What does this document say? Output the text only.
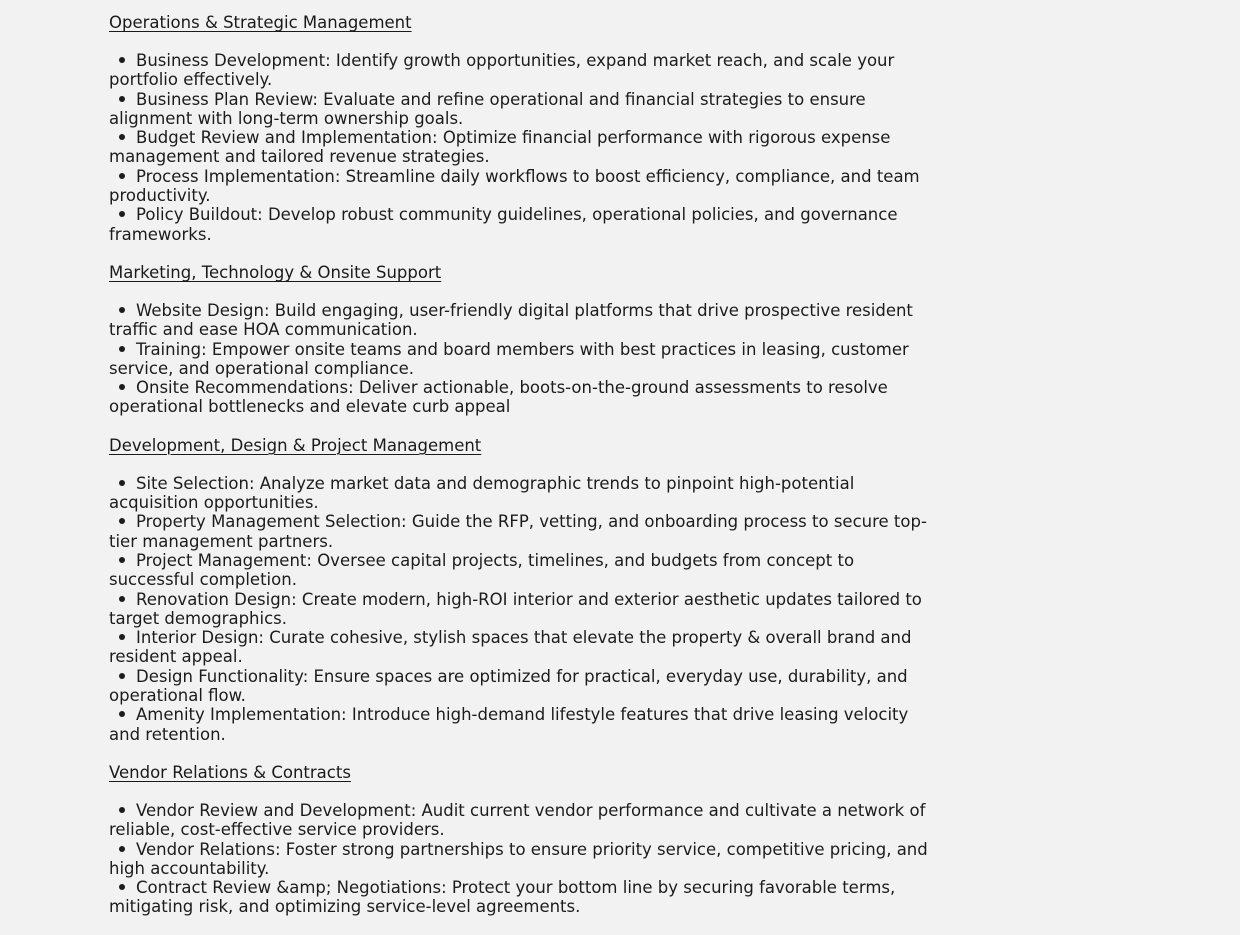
Operations & Strategic Management

Business Development: Identify growth opportunities, expand market reach, and scale your portfolio effectively.

Business Plan Review: Evaluate and refine operational and financial strategies to ensure alignment with long-term ownership goals.

Budget Review and Implementation: Optimize financial performance with rigorous expense management and tailored revenue strategies.

Process Implementation: Streamline daily workflows to boost efficiency, compliance, and team productivity.

Policy Buildout: Develop robust community guidelines, operational policies, and governance frameworks.

Marketing, Technology & Onsite Support

Website Design: Build engaging, user-friendly digital platforms that drive prospective resident traffic and ease HOA communication.

Training: Empower onsite teams and board members with best practices in leasing, customer service, and operational compliance.

Onsite Recommendations: Deliver actionable, boots-on-the-ground assessments to resolve operational bottlenecks and elevate curb appeal

Development, Design & Project Management

Site Selection: Analyze market data and demographic trends to pinpoint high-potential acquisition opportunities.

Property Management Selection: Guide the RFP, vetting, and onboarding process to secure top-tier management partners.

Project Management: Oversee capital projects, timelines, and budgets from concept to successful completion.

Renovation Design: Create modern, high-ROI interior and exterior aesthetic updates tailored to target demographics.

Interior Design: Curate cohesive, stylish spaces that elevate the property & overall brand and resident appeal.

Design Functionality: Ensure spaces are optimized for practical, everyday use, durability, and operational flow.

Amenity Implementation: Introduce high-demand lifestyle features that drive leasing velocity and retention.

Vendor Relations & Contracts

Vendor Review and Development: Audit current vendor performance and cultivate a network of reliable, cost-effective service providers.

Vendor Relations: Foster strong partnerships to ensure priority service, competitive pricing, and high accountability.

Contract Review &amp; Negotiations: Protect your bottom line by securing favorable terms, mitigating risk, and optimizing service-level agreements.
